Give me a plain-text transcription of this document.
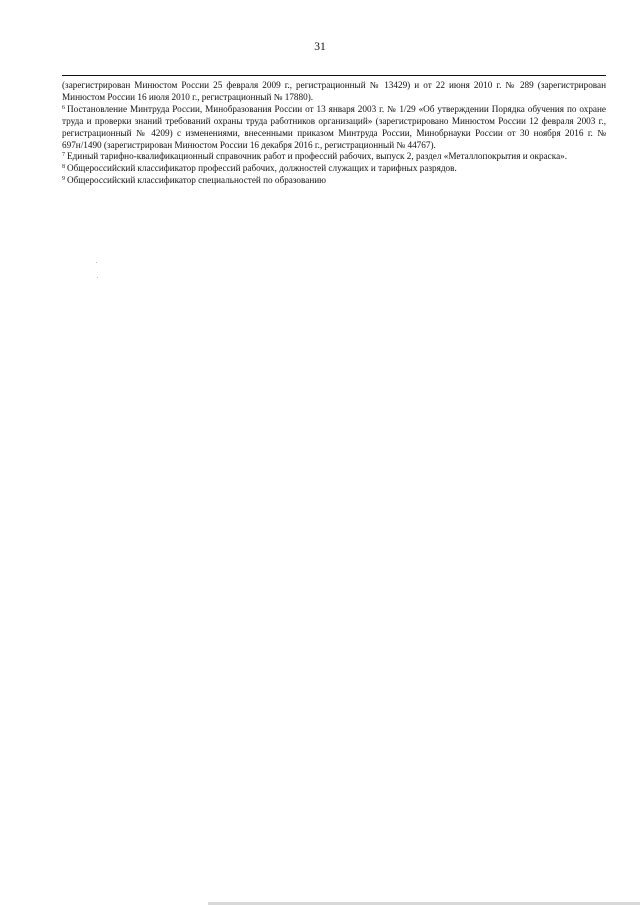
31

(зарегистрирован Минюстом России 25 февраля 2009 г., регистрационный № 13429) и от 22 июня 2010 г. № 289 (зарегистрирован Минюстом России 16 июля 2010 г., регистрационный № 17880).

$^6$ Постановление Минтруда России, Минобразования России от 13 января 2003 г. № 1/29 «Об утверждении Порядка обучения по охране труда и проверки знаний требований охраны труда работников организаций» (зарегистрировано Минюстом России 12 февраля 2003 г., регистрационный № 4209) с изменениями, внесенными приказом Минтруда России, Минобрнауки России от 30 ноября 2016 г. № 697н/1490 (зарегистрирован Минюстом России 16 декабря 2016 г., регистрационный № 44767).

$^7$ Единый тарифно-квалификационный справочник работ и профессий рабочих, выпуск 2, раздел «Металлопокрытия и окраска».

$^8$ Общероссийский классификатор профессий рабочих, должностей служащих и тарифных разрядов.

$^9$ Общероссийский классификатор специальностей по образованию
